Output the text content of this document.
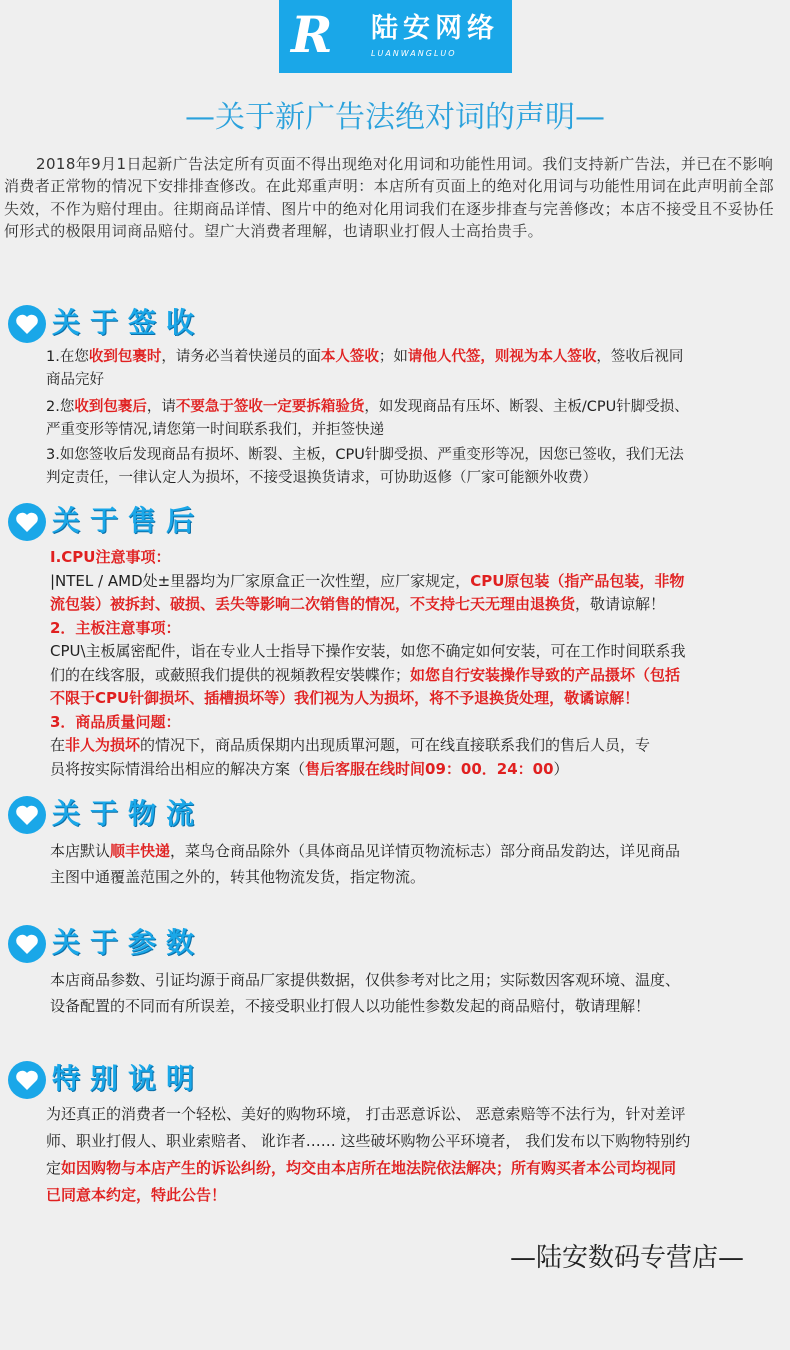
R 陆安网络
LUANWANGLUO
—关于新广告法绝对词的声明—
2018年9月1日起新广告法定所有页面不得出现绝对化用词和功能性用词。我们支持新广告法，并已在不影响消费者正常物的情况下安排排查修改。在此郑重声明：本店所有页面上的绝对化用词与功能性用词在此声明前全部失效，不作为赔付理由。往期商品详情、图片中的绝对化用词我们在逐步排查与完善修改；本店不接受且不妥协任何形式的极限用词商品赔付。望广大消费者理解，也请职业打假人士高抬贵手。
关于签收
1.在您收到包裹时，请务必当着快递员的面本人签收；如请他人代签，则视为本人签收，签收后视同
商品完好
2.您收到包裹后，请不要急于签收一定要拆箱验货，如发现商品有压坏、断裂、主板/CPU针脚受损、
严重变形等情况,请您第一时间联系我们，并拒签快递
3.如您签收后发现商品有损坏、断裂、主板，CPU针脚受损、严重变形等况，因您已签收，我们无法
判定责任，一律认定人为损坏，不接受退换货请求，可协助返修（厂家可能额外收费）
关于售后
I.CPU注意事项：
|NTEL / AMD处±里器均为厂家原盒正一次性塑，应厂家规定，CPU原包装（指产品包装，非物
流包装）被拆封、破损、丢失等影响二次销售的情况，不支持七天无理由退换货，敬请谅解！
2．主板注意事项：
CPU\主板属密配件，诣在专业人士指导下操作安装，如您不确定如何安装，可在工作时间联系我
们的在线客服，或蘞照我们提供的视頻教程安裝幉作；如您自行安装操作导致的产品摄坏（包括
不限于CPU针御损坏、插槽损坏等）我们视为人为损坏，将不予退换货处理，敬谲谅解！
3．商品质量问题：
在非人为损坏的情况下，商品质保期内出现质單河题，可在线直接联系我们的售后人员，专
员将按实际情湒给出相应的解决方案（售后客服在线时间09：00．24：00）
关于物流
本店默认顺丰快递，菜鸟仓商品除外（具体商品见详情页物流标志）部分商品发韵达，详见商品
主图中通覆盖范围之外的，转其他物流发货，指定物流。
关于参数
本店商品参数、引证均源于商品厂家提供数据，仅供参考对比之用；实际数因客观环境、温度、
设备配置的不同而有所误差，不接受职业打假人以功能性参数发起的商品赔付，敬请理解！
特别说明
为还真正的消费者一个轻松、美好的购物环境， 打击恶意诉讼、 恶意索赔等不法行为，针对差评
师、职业打假人、职业索赔者、 讹诈者…… 这些破坏购物公平环境者， 我们发布以下购物特别约
定如因购物与本店产生的诉讼纠纷，均交由本店所在地法院依法解决；所有购买者本公司均视同
已同意本约定，特此公告！
—陆安数码专营店—
